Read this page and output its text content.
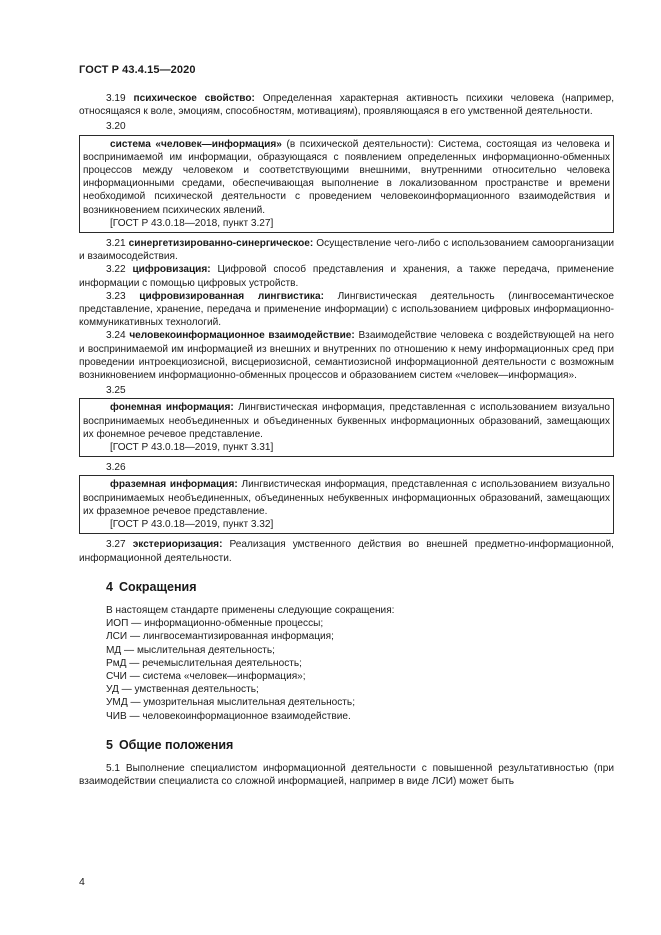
ГОСТ Р 43.4.15—2020

3.19 психическое свойство: Определенная характерная активность психики человека (например, относящаяся к воле, эмоциям, способностям, мотивациям), проявляющаяся в его умственной деятельности.

3.20

система «человек—информация» (в психической деятельности): Система, состоящая из человека и воспринимаемой им информации, образующаяся с появлением определенных информационно-обменных процессов между человеком и соответствующими внешними, внутренними относительно человека информационными средами, обеспечивающая выполнение в локализованном пространстве и времени необходимой психической деятельности с проведением человекоинформационного взаимодействия и возникновением психических явлений.

[ГОСТ Р 43.0.18—2018, пункт 3.27]

3.21 синергетизированно-синергическое: Осуществление чего-либо с использованием самоорганизации и взаимосодействия.

3.22 цифровизация: Цифровой способ представления и хранения, а также передача, применение информации с помощью цифровых устройств.

3.23 цифровизированная лингвистика: Лингвистическая деятельность (лингвосемантическое представление, хранение, передача и применение информации) с использованием цифровых информационно-коммуникативных технологий.

3.24 человекоинформационное взаимодействие: Взаимодействие человека с воздействующей на него и воспринимаемой им информацией из внешних и внутренних по отношению к нему информационных сред при проведении интроекциозисной, висцериозисной, семантиозисной информационной деятельности с возможным возникновением информационно-обменных процессов и образованием систем «человек—информация».

3.25

фонемная информация: Лингвистическая информация, представленная с использованием визуально воспринимаемых необъединенных и объединенных буквенных информационных образований, замещающих их фонемное речевое представление.

[ГОСТ Р 43.0.18—2019, пункт 3.31]

3.26

фраземная информация: Лингвистическая информация, представленная с использованием визуально воспринимаемых необъединенных, объединенных небуквенных информационных образований, замещающих их фраземное речевое представление.

[ГОСТ Р 43.0.18—2019, пункт 3.32]

3.27 экстериоризация: Реализация умственного действия во внешней предметно-информационной, информационной деятельности.

4 Сокращения

В настоящем стандарте применены следующие сокращения:

ИОП — информационно-обменные процессы;

ЛСИ — лингвосемантизированная информация;

МД — мыслительная деятельность;

РмД — речемыслительная деятельность;

СЧИ — система «человек—информация»;

УД — умственная деятельность;

УМД — умозрительная мыслительная деятельность;

ЧИВ — человекоинформационное взаимодействие.

5 Общие положения

5.1 Выполнение специалистом информационной деятельности с повышенной результативностью (при взаимодействии специалиста со сложной информацией, например в виде ЛСИ) может быть

4
